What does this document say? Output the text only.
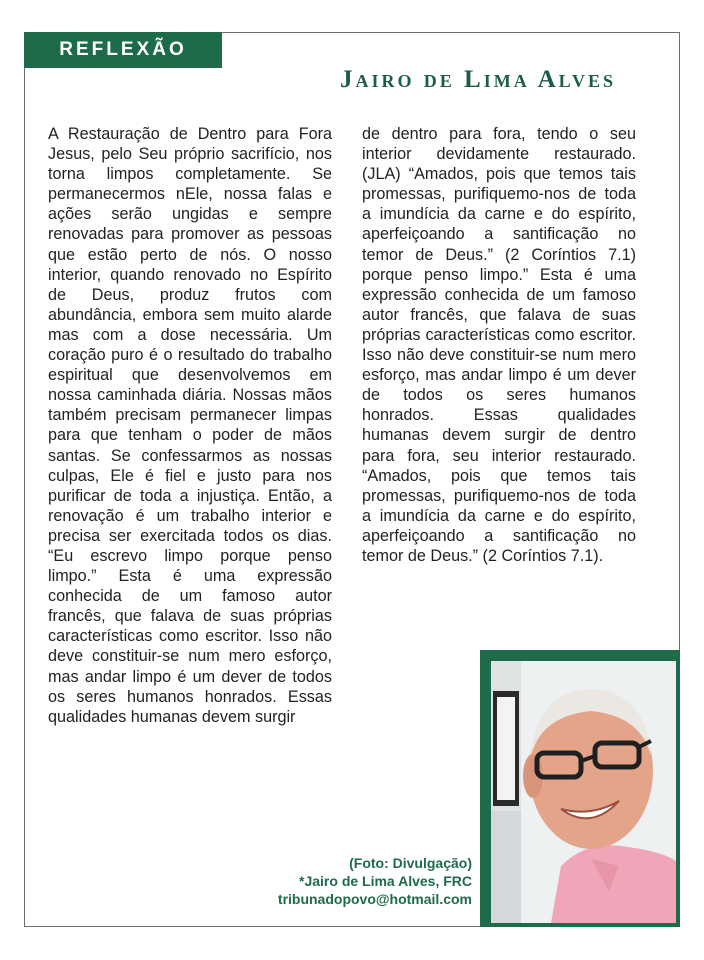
REFLEXÃO
Jairo de Lima Alves
A Restauração de Dentro para Fora Jesus, pelo Seu próprio sacrifício, nos torna limpos completamente. Se permanecermos nEle, nossa falas e ações serão ungidas e sempre renovadas para promover as pessoas que estão perto de nós. O nosso interior, quando renovado no Espírito de Deus, produz frutos com abundância, embora sem muito alarde mas com a dose necessária. Um coração puro é o resultado do trabalho espiritual que desenvolvemos em nossa caminhada diária. Nossas mãos também precisam permanecer limpas para que tenham o poder de mãos santas. Se confessarmos as nossas culpas, Ele é fiel e justo para nos purificar de toda a injustiça. Então, a renovação é um trabalho interior e precisa ser exercitada todos os dias. “Eu escrevo limpo porque penso limpo.” Esta é uma expressão conhecida de um famoso autor francês, que falava de suas próprias características como escritor. Isso não deve constituir-se num mero esforço, mas andar limpo é um dever de todos os seres humanos honrados. Essas qualidades humanas devem surgir
de dentro para fora, tendo o seu interior devidamente restaurado. (JLA) “Amados, pois que temos tais promessas, purifiquemo-nos de toda a imundícia da carne e do espírito, aperfeiçoando a santificação no temor de Deus.” (2 Coríntios 7.1) porque penso limpo.” Esta é uma expressão conhecida de um famoso autor francês, que falava de suas próprias características como escritor. Isso não deve constituir-se num mero esforço, mas andar limpo é um dever de todos os seres humanos honrados. Essas qualidades humanas devem surgir de dentro para fora, seu interior restaurado. “Amados, pois que temos tais promessas, purifiquemo-nos de toda a imundícia da carne e do espírito, aperfeiçoando a santificação no temor de Deus.” (2 Coríntios 7.1).
(Foto: Divulgação)
*Jairo de Lima Alves, FRC
tribunadopovo@hotmail.com
